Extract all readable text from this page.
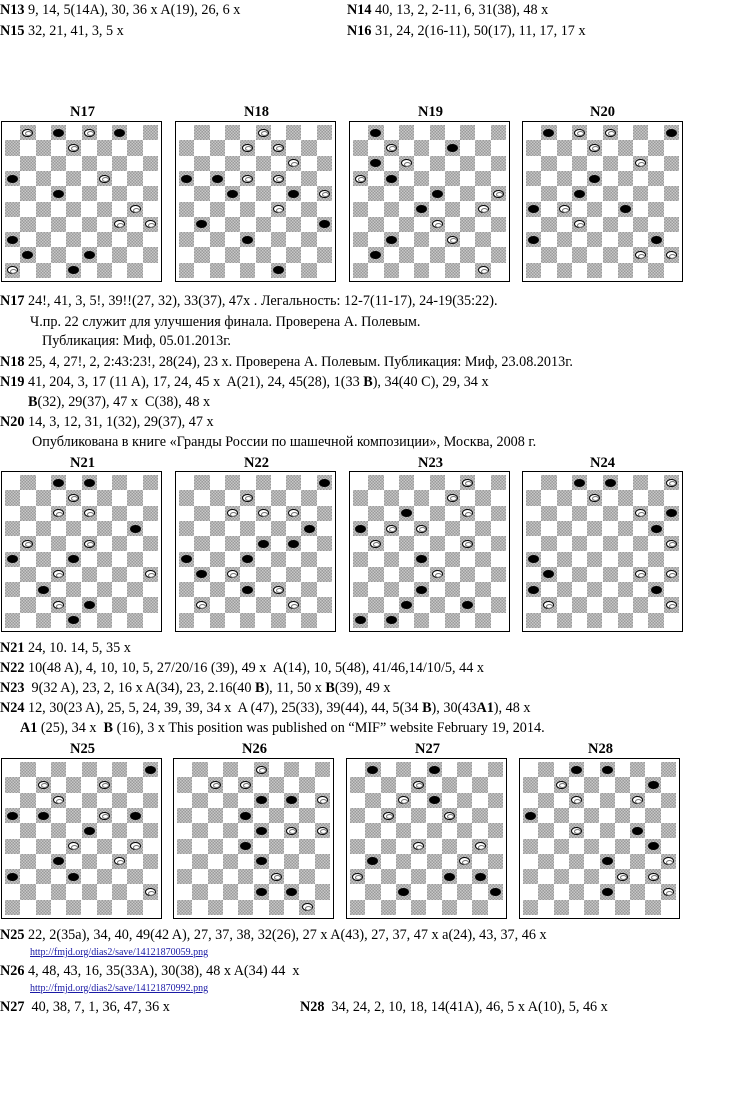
N13 9, 14, 5(14A), 30, 36 x A(19), 26, 6 x	N14 40, 13, 2, 2-11, 6, 31(38), 48 x
N15 32, 21, 41, 3, 5 x	N16 31, 24, 2(16-11), 50(17), 11, 17, 17 x
N17	N18	N19	N20
N17 24!, 41, 3, 5!, 39!!(27, 32), 33(37), 47x . Легальность: 12-7(11-17), 24-19(35:22).
Ч.пр. 22 служит для улучшения финала. Проверена А. Полевым.
Публикация: Миф, 05.01.2013г.
N18 25, 4, 27!, 2, 2:43:23!, 28(24), 23 x. Проверена А. Полевым. Публикация: Миф, 23.08.2013г.
N19 41, 204, 3, 17 (11 A), 17, 24, 45 x  A(21), 24, 45(28), 1(33 B), 34(40 C), 29, 34 x
B(32), 29(37), 47 x  C(38), 48 x
N20 14, 3, 12, 31, 1(32), 29(37), 47 x
Опубликована в книге «Гранды России по шашечной композиции», Москва, 2008 г.
N21	N22	N23	N24
N21 24, 10. 14, 5, 35 x
N22 10(48 A), 4, 10, 10, 5, 27/20/16 (39), 49 x  A(14), 10, 5(48), 41/46,14/10/5, 44 x
N23  9(32 A), 23, 2, 16 x A(34), 23, 2.16(40 B), 11, 50 x B(39), 49 x
N24 12, 30(23 A), 25, 5, 24, 39, 39, 34 x  A (47), 25(33), 39(44), 44, 5(34 B), 30(43A1), 48 x
A1 (25), 34 x  B (16), 3 x This position was published on “MIF” website February 19, 2014.
N25	N26	N27	N28
N25 22, 2(35a), 34, 40, 49(42 A), 27, 37, 38, 32(26), 27 x A(43), 27, 37, 47 x a(24), 43, 37, 46 x
http://fmjd.org/dias2/save/14121870059.png
N26 4, 48, 43, 16, 35(33A), 30(38), 48 x A(34) 44  x
http://fmjd.org/dias2/save/14121870992.png
N27  40, 38, 7, 1, 36, 47, 36 x	N28  34, 24, 2, 10, 18, 14(41A), 46, 5 x A(10), 5, 46 x
